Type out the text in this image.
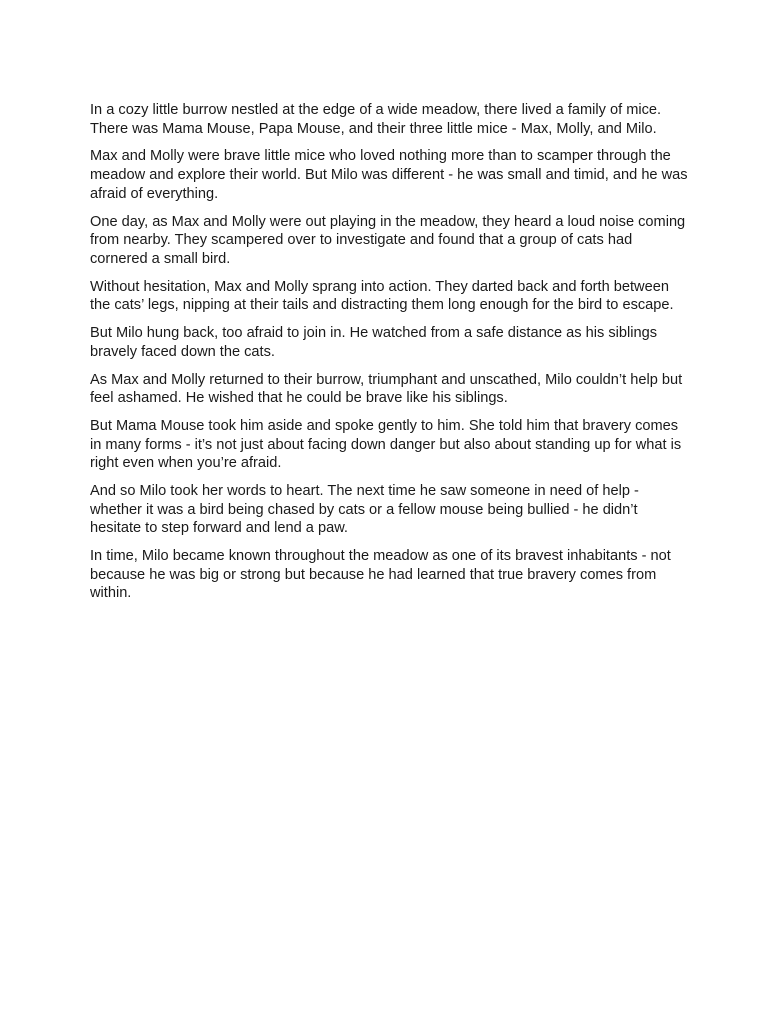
In a cozy little burrow nestled at the edge of a wide meadow, there lived a family of mice. There was Mama Mouse, Papa Mouse, and their three little mice - Max, Molly, and Milo.

Max and Molly were brave little mice who loved nothing more than to scamper through the meadow and explore their world. But Milo was different - he was small and timid, and he was afraid of everything.

One day, as Max and Molly were out playing in the meadow, they heard a loud noise coming from nearby. They scampered over to investigate and found that a group of cats had cornered a small bird.

Without hesitation, Max and Molly sprang into action. They darted back and forth between the cats’ legs, nipping at their tails and distracting them long enough for the bird to escape.

But Milo hung back, too afraid to join in. He watched from a safe distance as his siblings bravely faced down the cats.

As Max and Molly returned to their burrow, triumphant and unscathed, Milo couldn’t help but feel ashamed. He wished that he could be brave like his siblings.

But Mama Mouse took him aside and spoke gently to him. She told him that bravery comes in many forms - it’s not just about facing down danger but also about standing up for what is right even when you’re afraid.

And so Milo took her words to heart. The next time he saw someone in need of help - whether it was a bird being chased by cats or a fellow mouse being bullied - he didn’t hesitate to step forward and lend a paw.

In time, Milo became known throughout the meadow as one of its bravest inhabitants - not because he was big or strong but because he had learned that true bravery comes from within.
